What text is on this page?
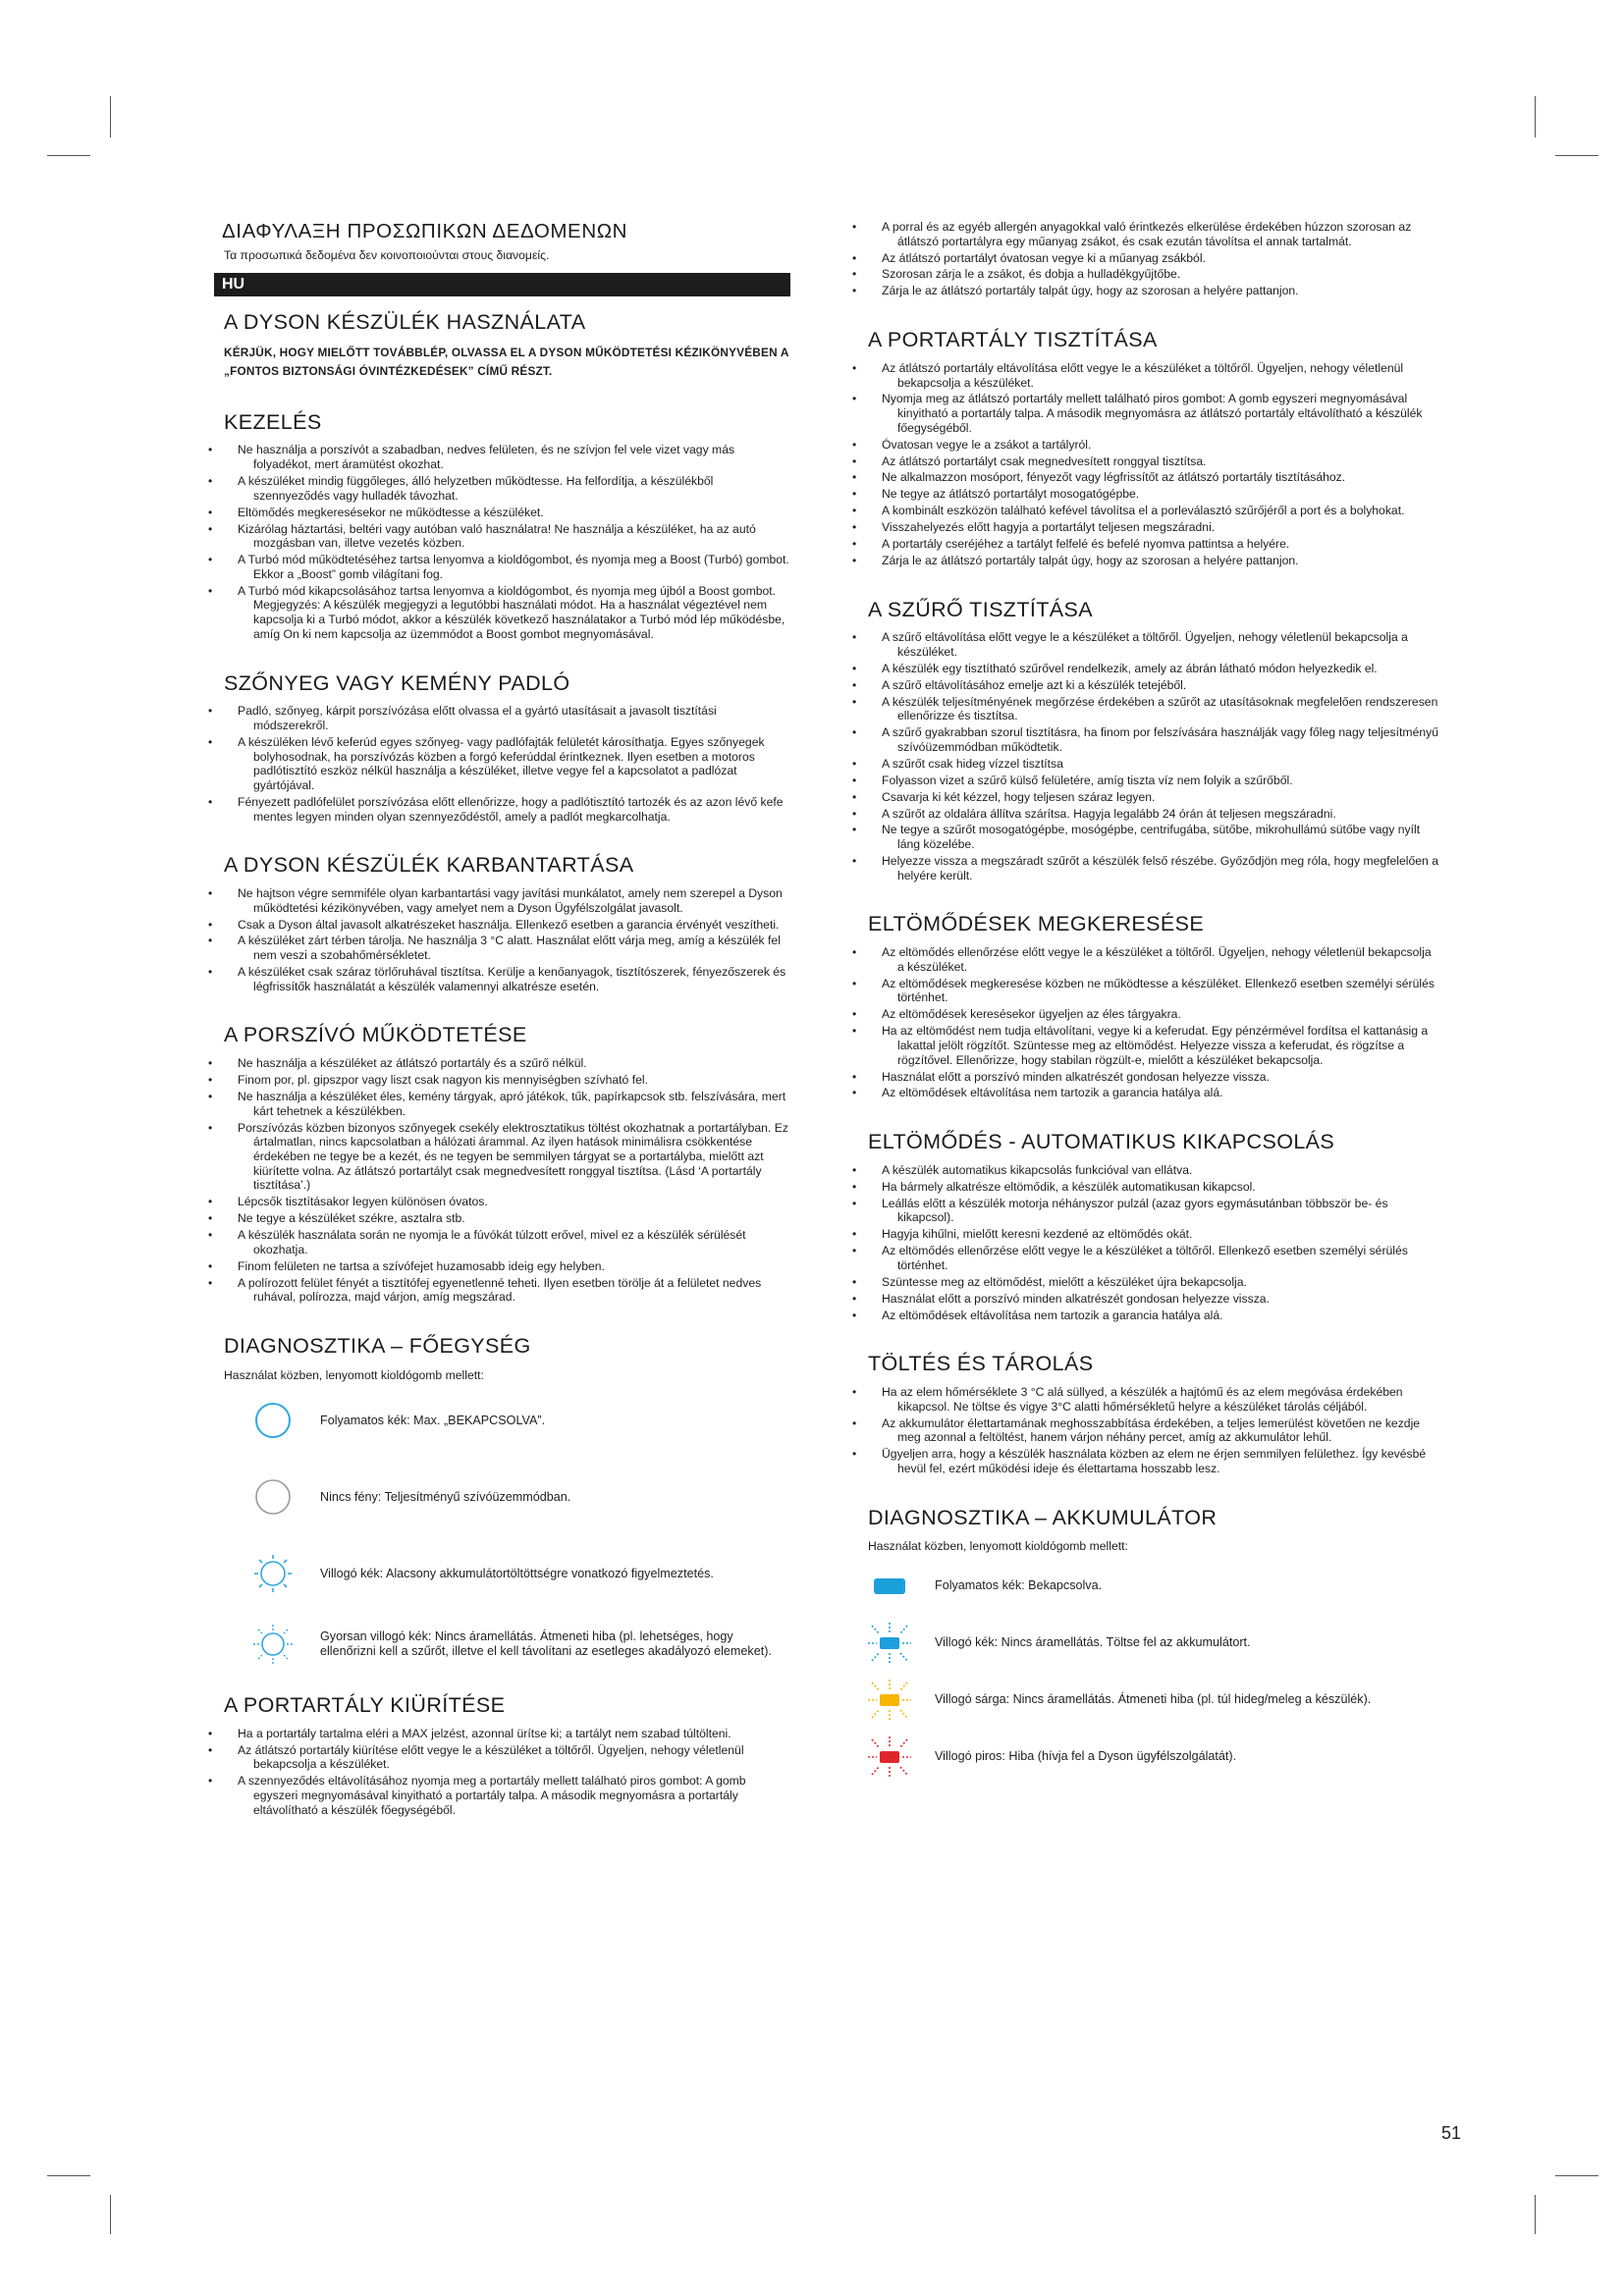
ΔΙΑΦΥΛΑΞΗ ΠΡΟΣΩΠΙΚΩΝ ΔΕΔΟΜΕΝΩΝ

Τα προσωπικά δεδομένα δεν κοινοποιούνται στους διανομείς.

HU
A DYSON KÉSZÜLÉK HASZNÁLATA

KÉRJÜK, HOGY MIELŐTT TOVÁBBLÉP, OLVASSA EL A DYSON MŰKÖDTETÉSI KÉZIKÖNYVÉBEN A „FONTOS BIZTONSÁGI ÓVINTÉZKEDÉSEK” CÍMŰ RÉSZT.

KEZELÉS
• Ne használja a porszívót a szabadban, nedves felületen, és ne szívjon fel vele vizet vagy más folyadékot, mert áramütést okozhat.
• A készüléket mindig függőleges, álló helyzetben működtesse. Ha felfordítja, a készülékből szennyeződés vagy hulladék távozhat.
• Eltömődés megkeresésekor ne működtesse a készüléket.
• Kizárólag háztartási, beltéri vagy autóban való használatra! Ne használja a készüléket, ha az autó mozgásban van, illetve vezetés közben.
• A Turbó mód működtetéséhez tartsa lenyomva a kioldógombot, és nyomja meg a Boost (Turbó) gombot. Ekkor a „Boost” gomb világítani fog.
• A Turbó mód kikapcsolásához tartsa lenyomva a kioldógombot, és nyomja meg újból a Boost gombot. Megjegyzés: A készülék megjegyzi a legutóbbi használati módot. Ha a használat végeztével nem kapcsolja ki a Turbó módot, akkor a készülék következő használatakor a Turbó mód lép működésbe, amíg On ki nem kapcsolja az üzemmódot a Boost gombot megnyomásával.
SZŐNYEG VAGY KEMÉNY PADLÓ
• Padló, szőnyeg, kárpit porszívózása előtt olvassa el a gyártó utasításait a javasolt tisztítási módszerekről.
• A készüléken lévő keferúd egyes szőnyeg- vagy padlófajták felületét károsíthatja. Egyes szőnyegek bolyhosodnak, ha porszívózás közben a forgó keferúddal érintkeznek. Ilyen esetben a motoros padlótisztító eszköz nélkül használja a készüléket, illetve vegye fel a kapcsolatot a padlózat gyártójával.
• Fényezett padlófelület porszívózása előtt ellenőrizze, hogy a padlótisztító tartozék és az azon lévő kefe mentes legyen minden olyan szennyeződéstől, amely a padlót megkarcolhatja.
A DYSON KÉSZÜLÉK KARBANTARTÁSA
• Ne hajtson végre semmiféle olyan karbantartási vagy javítási munkálatot, amely nem szerepel a Dyson működtetési kézikönyvében, vagy amelyet nem a Dyson Ügyfélszolgálat javasolt.
• Csak a Dyson által javasolt alkatrészeket használja. Ellenkező esetben a garancia érvényét veszítheti.
• A készüléket zárt térben tárolja. Ne használja 3 °C alatt. Használat előtt várja meg, amíg a készülék fel nem veszi a szobahőmérsékletet.
• A készüléket csak száraz törlőruhával tisztítsa. Kerülje a kenőanyagok, tisztítószerek, fényezőszerek és légfrissítők használatát a készülék valamennyi alkatrésze esetén.
A PORSZÍVÓ MŰKÖDTETÉSE
• Ne használja a készüléket az átlátszó portartály és a szűrő nélkül.
• Finom por, pl. gipszpor vagy liszt csak nagyon kis mennyiségben szívható fel.
• Ne használja a készüléket éles, kemény tárgyak, apró játékok, tűk, papírkapcsok stb. felszívására, mert kárt tehetnek a készülékben.
• Porszívózás közben bizonyos szőnyegek csekély elektrosztatikus töltést okozhatnak a portartályban. Ez ártalmatlan, nincs kapcsolatban a hálózati árammal. Az ilyen hatások minimálisra csökkentése érdekében ne tegye be a kezét, és ne tegyen be semmilyen tárgyat se a portartályba, mielőtt azt kiürítette volna. Az átlátszó portartályt csak megnedvesített ronggyal tisztítsa. (Lásd ‘A portartály tisztítása’.)
• Lépcsők tisztításakor legyen különösen óvatos.
• Ne tegye a készüléket székre, asztalra stb.
• A készülék használata során ne nyomja le a fúvókát túlzott erővel, mivel ez a készülék sérülését okozhatja.
• Finom felületen ne tartsa a szívófejet huzamosabb ideig egy helyben.
• A polírozott felület fényét a tisztítófej egyenetlenné teheti. Ilyen esetben törölje át a felületet nedves ruhával, polírozza, majd várjon, amíg megszárad.
DIAGNOSZTIKA – FŐEGYSÉG

Használat közben, lenyomott kioldógomb mellett:

Folyamatos kék: Max. „BEKAPCSOLVA”.
Nincs fény: Teljesítményű szívóüzemmódban.
Villogó kék: Alacsony akkumulátortöltöttségre vonatkozó figyelmeztetés.
Gyorsan villogó kék: Nincs áramellátás. Átmeneti hiba (pl. lehetséges, hogy ellenőrizni kell a szűrőt, illetve el kell távolítani az esetleges akadályozó elemeket).
A PORTARTÁLY KIÜRÍTÉSE
• Ha a portartály tartalma eléri a MAX jelzést, azonnal ürítse ki; a tartályt nem szabad túltölteni.
• Az átlátszó portartály kiürítése előtt vegye le a készüléket a töltőről. Ügyeljen, nehogy véletlenül bekapcsolja a készüléket.
• A szennyeződés eltávolításához nyomja meg a portartály mellett található piros gombot: A gomb egyszeri megnyomásával kinyitható a portartály talpa. A második megnyomásra a portartály eltávolítható a készülék főegységéből.
• A porral és az egyéb allergén anyagokkal való érintkezés elkerülése érdekében húzzon szorosan az átlátszó portartályra egy műanyag zsákot, és csak ezután távolítsa el annak tartalmát.
• Az átlátszó portartályt óvatosan vegye ki a műanyag zsákból.
• Szorosan zárja le a zsákot, és dobja a hulladékgyűjtőbe.
• Zárja le az átlátszó portartály talpát úgy, hogy az szorosan a helyére pattanjon.
A PORTARTÁLY TISZTÍTÁSA
• Az átlátszó portartály eltávolítása előtt vegye le a készüléket a töltőről. Ügyeljen, nehogy véletlenül bekapcsolja a készüléket.
• Nyomja meg az átlátszó portartály mellett található piros gombot: A gomb egyszeri megnyomásával kinyitható a portartály talpa. A második megnyomásra az átlátszó portartály eltávolítható a készülék főegységéből.
• Óvatosan vegye le a zsákot a tartályról.
• Az átlátszó portartályt csak megnedvesített ronggyal tisztítsa.
• Ne alkalmazzon mosóport, fényezőt vagy légfrissítőt az átlátszó portartály tisztításához.
• Ne tegye az átlátszó portartályt mosogatógépbe.
• A kombinált eszközön található kefével távolítsa el a porleválasztó szűrőjéről a port és a bolyhokat.
• Visszahelyezés előtt hagyja a portartályt teljesen megszáradni.
• A portartály cseréjéhez a tartályt felfelé és befelé nyomva pattintsa a helyére.
• Zárja le az átlátszó portartály talpát úgy, hogy az szorosan a helyére pattanjon.
A SZŰRŐ TISZTÍTÁSA
• A szűrő eltávolítása előtt vegye le a készüléket a töltőről. Ügyeljen, nehogy véletlenül bekapcsolja a készüléket.
• A készülék egy tisztítható szűrővel rendelkezik, amely az ábrán látható módon helyezkedik el.
• A szűrő eltávolításához emelje azt ki a készülék tetejéből.
• A készülék teljesítményének megőrzése érdekében a szűrőt az utasításoknak megfelelően rendszeresen ellenőrizze és tisztítsa.
• A szűrő gyakrabban szorul tisztításra, ha finom por felszívására használják vagy főleg nagy teljesítményű szívóüzemmódban működtetik.
• A szűrőt csak hideg vízzel tisztítsa
• Folyasson vizet a szűrő külső felületére, amíg tiszta víz nem folyik a szűrőből.
• Csavarja ki két kézzel, hogy teljesen száraz legyen.
• A szűrőt az oldalára állítva szárítsa. Hagyja legalább 24 órán át teljesen megszáradni.
• Ne tegye a szűrőt mosogatógépbe, mosógépbe, centrifugába, sütőbe, mikrohullámú sütőbe vagy nyílt láng közelébe.
• Helyezze vissza a megszáradt szűrőt a készülék felső részébe. Győződjön meg róla, hogy megfelelően a helyére került.
ELTÖMŐDÉSEK MEGKERESÉSE
• Az eltömődés ellenőrzése előtt vegye le a készüléket a töltőről. Ügyeljen, nehogy véletlenül bekapcsolja a készüléket.
• Az eltömődések megkeresése közben ne működtesse a készüléket. Ellenkező esetben személyi sérülés történhet.
• Az eltömődések keresésekor ügyeljen az éles tárgyakra.
• Ha az eltömődést nem tudja eltávolítani, vegye ki a keferudat. Egy pénzérmével fordítsa el kattanásig a lakattal jelölt rögzítőt. Szüntesse meg az eltömődést. Helyezze vissza a keferudat, és rögzítse a rögzítővel. Ellenőrizze, hogy stabilan rögzült-e, mielőtt a készüléket bekapcsolja.
• Használat előtt a porszívó minden alkatrészét gondosan helyezze vissza.
• Az eltömődések eltávolítása nem tartozik a garancia hatálya alá.
ELTÖMŐDÉS - AUTOMATIKUS KIKAPCSOLÁS
• A készülék automatikus kikapcsolás funkcióval van ellátva.
• Ha bármely alkatrésze eltömődik, a készülék automatikusan kikapcsol.
• Leállás előtt a készülék motorja néhányszor pulzál (azaz gyors egymásutánban többször be- és kikapcsol).
• Hagyja kihűlni, mielőtt keresni kezdené az eltömődés okát.
• Az eltömődés ellenőrzése előtt vegye le a készüléket a töltőről. Ellenkező esetben személyi sérülés történhet.
• Szüntesse meg az eltömődést, mielőtt a készüléket újra bekapcsolja.
• Használat előtt a porszívó minden alkatrészét gondosan helyezze vissza.
• Az eltömődések eltávolítása nem tartozik a garancia hatálya alá.
TÖLTÉS ÉS TÁROLÁS
• Ha az elem hőmérséklete 3 °C alá süllyed, a készülék a hajtómű és az elem megóvása érdekében kikapcsol. Ne töltse és vigye 3°C alatti hőmérsékletű helyre a készüléket tárolás céljából.
• Az akkumulátor élettartamának meghosszabbítása érdekében, a teljes lemerülést követően ne kezdje meg azonnal a feltöltést, hanem várjon néhány percet, amíg az akkumulátor lehűl.
• Ügyeljen arra, hogy a készülék használata közben az elem ne érjen semmilyen felülethez. Így kevésbé hevül fel, ezért működési ideje és élettartama hosszabb lesz.
DIAGNOSZTIKA – AKKUMULÁTOR

Használat közben, lenyomott kioldógomb mellett:

Folyamatos kék: Bekapcsolva.
Villogó kék: Nincs áramellátás. Töltse fel az akkumulátort.
Villogó sárga: Nincs áramellátás. Átmeneti hiba (pl. túl hideg/meleg a készülék).
Villogó piros: Hiba (hívja fel a Dyson ügyfélszolgálatát).
51
